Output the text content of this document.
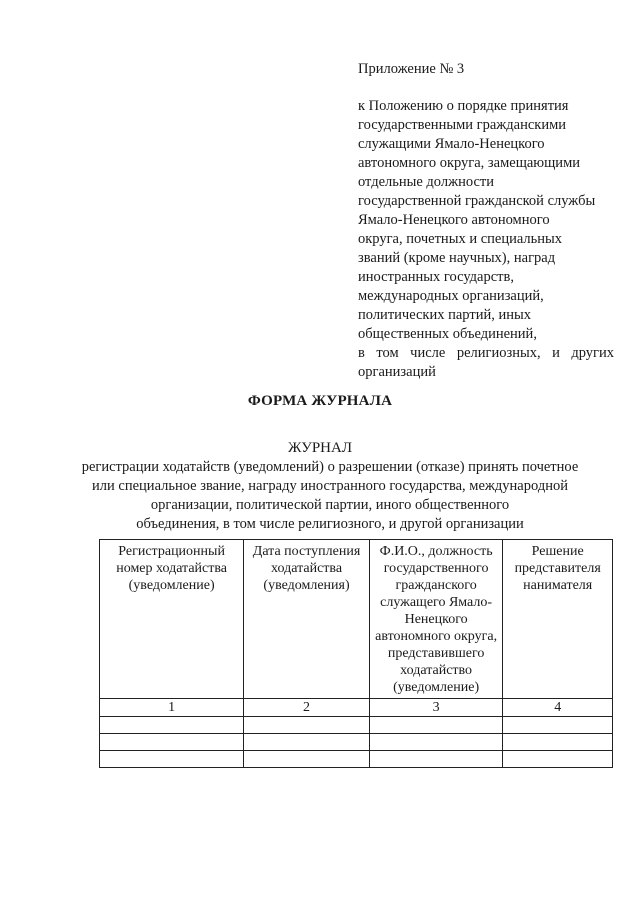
Приложение № 3
к Положению о порядке принятия
государственными гражданскими
служащими Ямало-Ненецкого
автономного округа, замещающими
отдельные должности
государственной гражданской службы
Ямало-Ненецкого автономного
округа, почетных и специальных
званий (кроме научных), наград
иностранных государств,
международных организаций,
политических партий, иных
общественных объединений,
в том числе религиозных, и других
организаций
ФОРМА ЖУРНАЛА
ЖУРНАЛ
регистрации ходатайств (уведомлений) о разрешении (отказе) принять почетное
или специальное звание, награду иностранного государства, международной
организации, политической партии, иного общественного
объединения, в том числе религиозного, и другой организации
Регистрационный номер ходатайства (уведомление)	Дата поступления ходатайства (уведомления)	Ф.И.О., должность государственного гражданского служащего Ямало-Ненецкого автономного округа, представившего ходатайство (уведомление)	Решение представителя нанимателя
1	2	3	4
